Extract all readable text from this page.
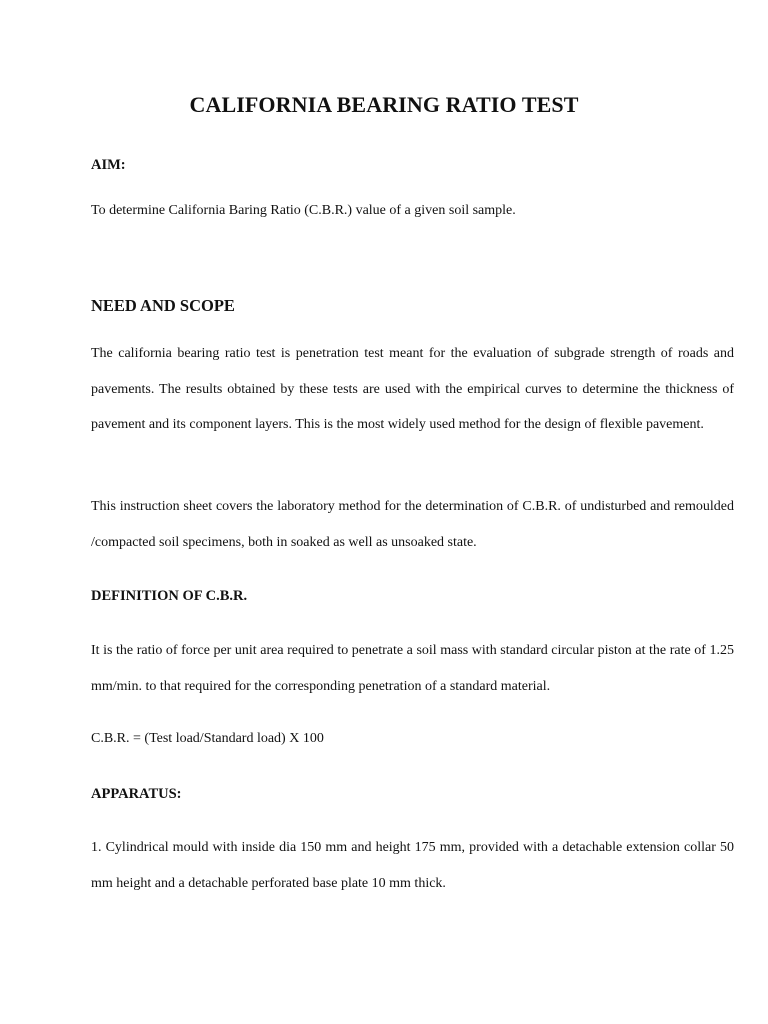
CALIFORNIA BEARING RATIO TEST
AIM:

To determine California Baring Ratio (C.B.R.) value of a given soil sample.

NEED AND SCOPE

The california bearing ratio test is penetration test meant for the evaluation of subgrade strength of roads and pavements. The results obtained by these tests are used with the empirical curves to determine the thickness of pavement and its component layers. This is the most widely used method for the design of flexible pavement.

This instruction sheet covers the laboratory method for the determination of C.B.R. of undisturbed and remoulded /compacted soil specimens, both in soaked as well as unsoaked state.

DEFINITION OF C.B.R.

It is the ratio of force per unit area required to penetrate a soil mass with standard circular piston at the rate of 1.25 mm/min. to that required for the corresponding penetration of a standard material.

C.B.R. = (Test load/Standard load) X 100

APPARATUS:

1. Cylindrical mould with inside dia 150 mm and height 175 mm, provided with a detachable extension collar 50 mm height and a detachable perforated base plate 10 mm thick.
